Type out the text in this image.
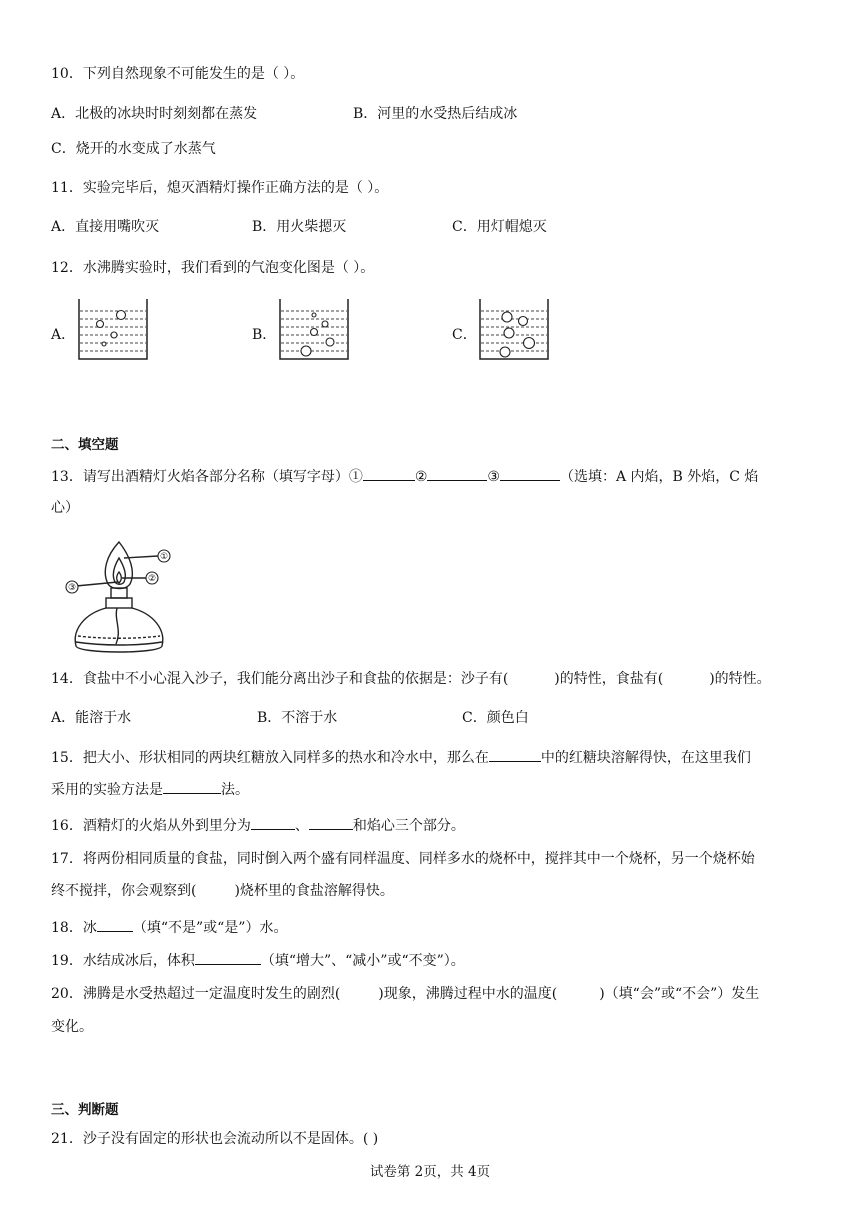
10．下列自然现象不可能发生的是（ ）。
A．北极的冰块时时刻刻都在蒸发	B．河里的水受热后结成冰
C．烧开的水变成了水蒸气
11．实验完毕后，熄灭酒精灯操作正确方法的是（ ）。
A．直接用嘴吹灭	B．用火柴摁灭	C．用灯帽熄灭
12．水沸腾实验时，我们看到的气泡变化图是（ ）。
A．	B．	C．
二、填空题
13．请写出酒精灯火焰各部分名称（填写字母）①	②	③	（选填：A 内焰，B 外焰，C 焰
心）
①
②
③
14．食盐中不小心混入沙子，我们能分离出沙子和食盐的依据是：沙子有(	)的特性，食盐有(	)的特性。
A．能溶于水	B．不溶于水	C．颜色白
15．把大小、形状相同的两块红糖放入同样多的热水和冷水中，那么在	中的红糖块溶解得快，在这里我们
采用的实验方法是	法。
16．酒精灯的火焰从外到里分为	、	和焰心三个部分。
17．将两份相同质量的食盐，同时倒入两个盛有同样温度、同样多水的烧杯中，搅拌其中一个烧杯，另一个烧杯始
终不搅拌，你会观察到(	)烧杯里的食盐溶解得快。
18．冰	（填“不是”或“是”）水。
19．水结成冰后，体积	（填“增大”、“减小”或“不变”）。
20．沸腾是水受热超过一定温度时发生的剧烈(	)现象，沸腾过程中水的温度(	)（填“会”或“不会”）发生
变化。
三、判断题
21．沙子没有固定的形状也会流动所以不是固体。( )
试卷第 2页，共 4页
